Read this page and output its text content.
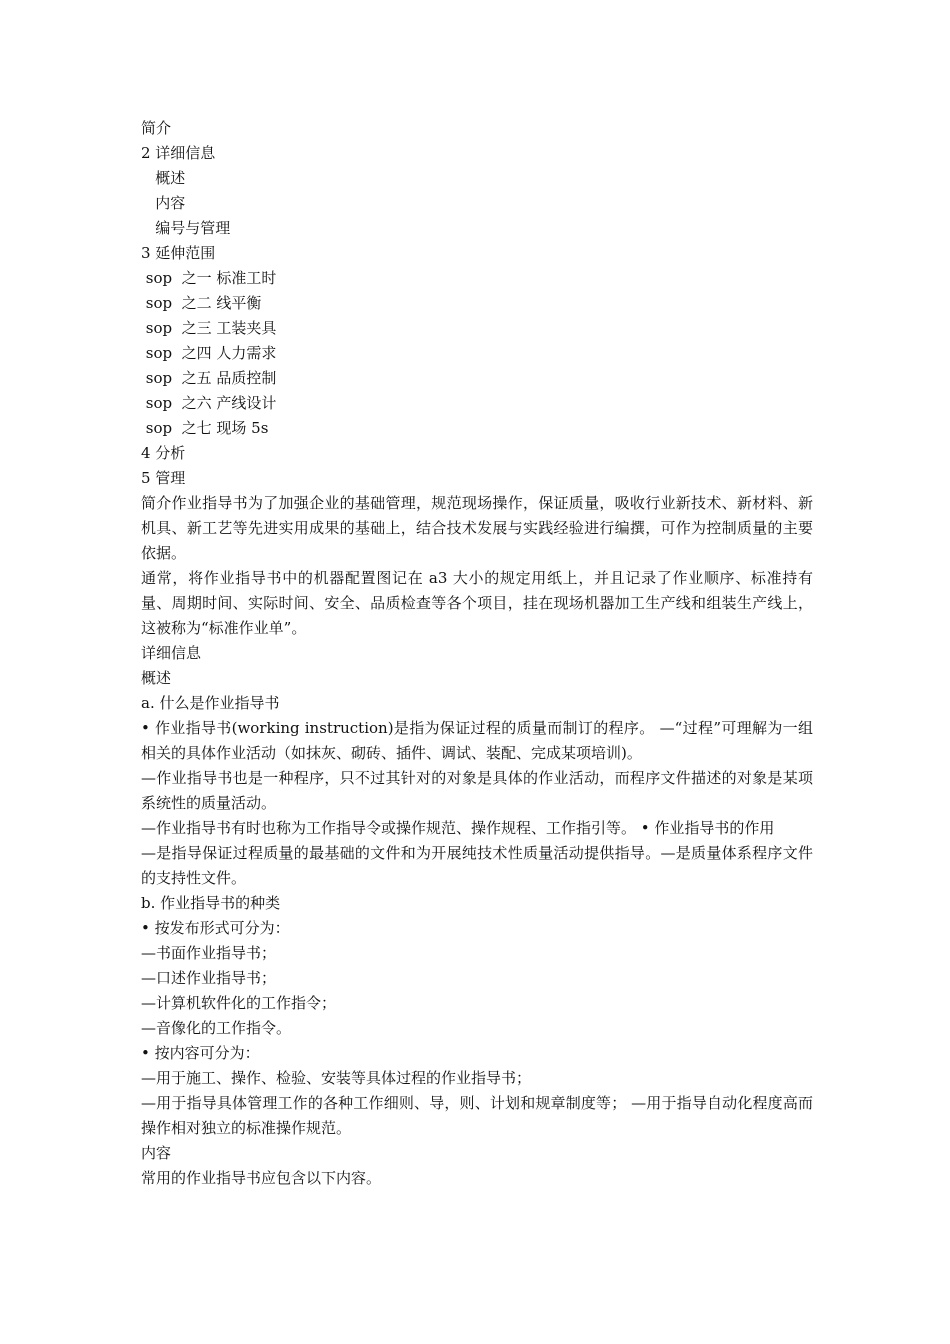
简介
2 详细信息
概述
内容
编号与管理
3 延伸范围
sop  之一 标准工时
sop  之二 线平衡
sop  之三 工装夹具
sop  之四 人力需求
sop  之五 品质控制
sop  之六 产线设计
sop  之七 现场 5s
4 分析
5 管理
简介作业指导书为了加强企业的基础管理，规范现场操作，保证质量，吸收行业新技术、新材料、新机具、新工艺等先进实用成果的基础上，结合技术发展与实践经验进行编撰，可作为控制质量的主要依据。
通常，将作业指导书中的机器配置图记在 a3 大小的规定用纸上，并且记录了作业顺序、标准持有量、周期时间、实际时间、安全、品质检查等各个项目，挂在现场机器加工生产线和组装生产线上，这被称为“标准作业单”。
详细信息
概述
a. 什么是作业指导书
• 作业指导书(working instruction)是指为保证过程的质量而制订的程序。 —“过程”可理解为一组相关的具体作业活动（如抹灰、砌砖、插件、调试、装配、完成某项培训)。
—作业指导书也是一种程序，只不过其针对的对象是具体的作业活动，而程序文件描述的对象是某项系统性的质量活动。
—作业指导书有时也称为工作指导令或操作规范、操作规程、工作指引等。 • 作业指导书的作用
—是指导保证过程质量的最基础的文件和为开展纯技术性质量活动提供指导。—是质量体系程序文件的支持性文件。
b. 作业指导书的种类
• 按发布形式可分为：
—书面作业指导书；
—口述作业指导书；
—计算机软件化的工作指令；
—音像化的工作指令。
• 按内容可分为：
—用于施工、操作、检验、安装等具体过程的作业指导书；
—用于指导具体管理工作的各种工作细则、导，则、计划和规章制度等； —用于指导自动化程度高而操作相对独立的标准操作规范。
内容
常用的作业指导书应包含以下内容。
